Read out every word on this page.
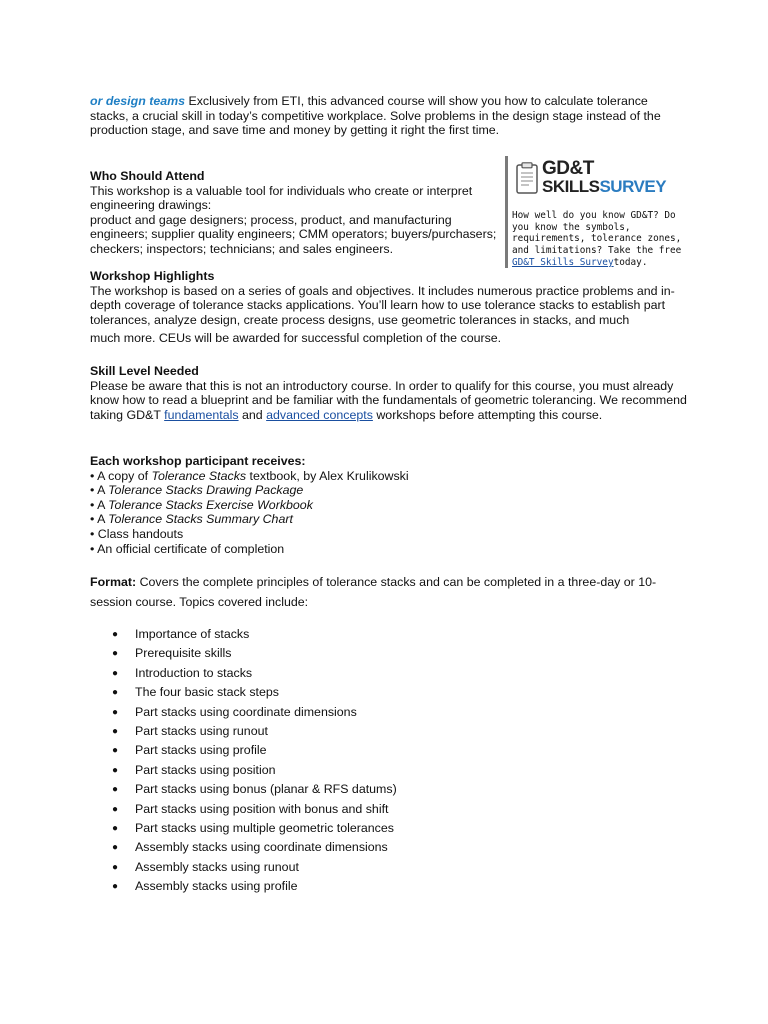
or design teams Exclusively from ETI, this advanced course will show you how to calculate tolerance stacks, a crucial skill in today’s competitive workplace. Solve problems in the design stage instead of the production stage, and save time and money by getting it right the first time.

Who Should Attend

This workshop is a valuable tool for individuals who create or interpret engineering drawings:

product and gage designers; process, product, and manufacturing engineers; supplier quality engineers; CMM operators; buyers/purchasers; checkers; inspectors; technicians; and sales engineers.

GD&T
SKILLSSURVEY
How well do you know GD&T? Do you know the symbols, requirements, tolerance zones, and limitations? Take the free GD&T Skills Surveytoday.
Workshop Highlights

The workshop is based on a series of goals and objectives. It includes numerous practice problems and in-depth coverage of tolerance stacks applications. You’ll learn how to use tolerance stacks to establish part tolerances, analyze design, create process designs, use geometric tolerances in stacks, and much
much more. CEUs will be awarded for successful completion of the course.

Skill Level Needed

Please be aware that this is not an introductory course. In order to qualify for this course, you must already know how to read a blueprint and be familiar with the fundamentals of geometric tolerancing. We recommend taking GD&T fundamentals and advanced concepts workshops before attempting this course.

Each workshop participant receives:
• A copy of Tolerance Stacks textbook, by Alex Krulikowski
• A Tolerance Stacks Drawing Package
• A Tolerance Stacks Exercise Workbook
• A Tolerance Stacks Summary Chart
• Class handouts
• An official certificate of completion

Format: Covers the complete principles of tolerance stacks and can be completed in a three-day or 10-session course. Topics covered include:

● Importance of stacks
● Prerequisite skills
● Introduction to stacks
● The four basic stack steps
● Part stacks using coordinate dimensions
● Part stacks using runout
● Part stacks using profile
● Part stacks using position
● Part stacks using bonus (planar & RFS datums)
● Part stacks using position with bonus and shift
● Part stacks using multiple geometric tolerances
● Assembly stacks using coordinate dimensions
● Assembly stacks using runout
● Assembly stacks using profile
